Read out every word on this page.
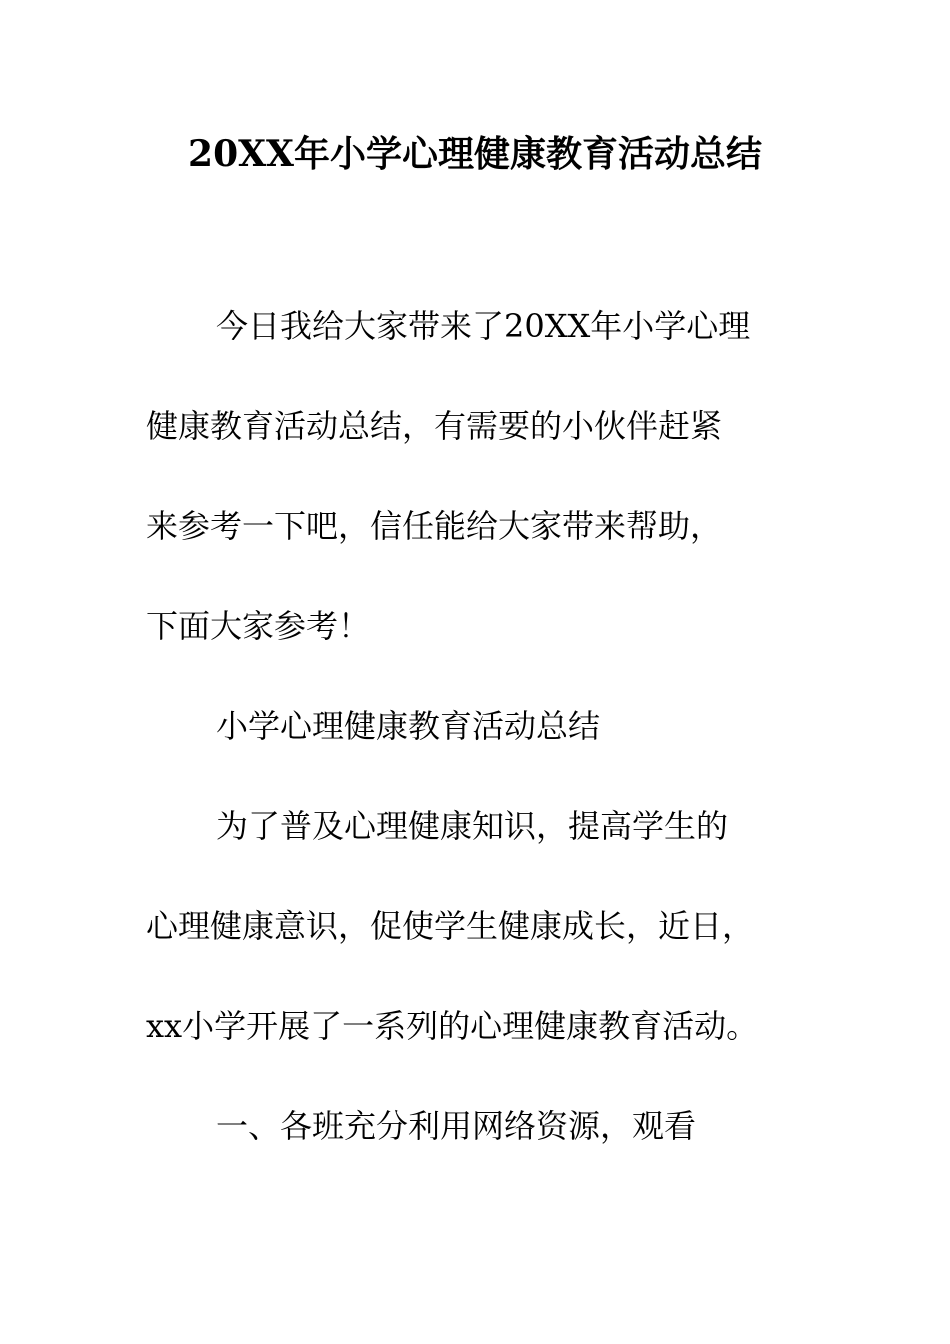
20XX年小学心理健康教育活动总结
今日我给大家带来了20XX年小学心理
健康教育活动总结，有需要的小伙伴赶紧
来参考一下吧，信任能给大家带来帮助，
下面大家参考！
小学心理健康教育活动总结
为了普及心理健康知识，提高学生的
心理健康意识，促使学生健康成长，近日，
xx小学开展了一系列的心理健康教育活动。
一、各班充分利用网络资源，观看
